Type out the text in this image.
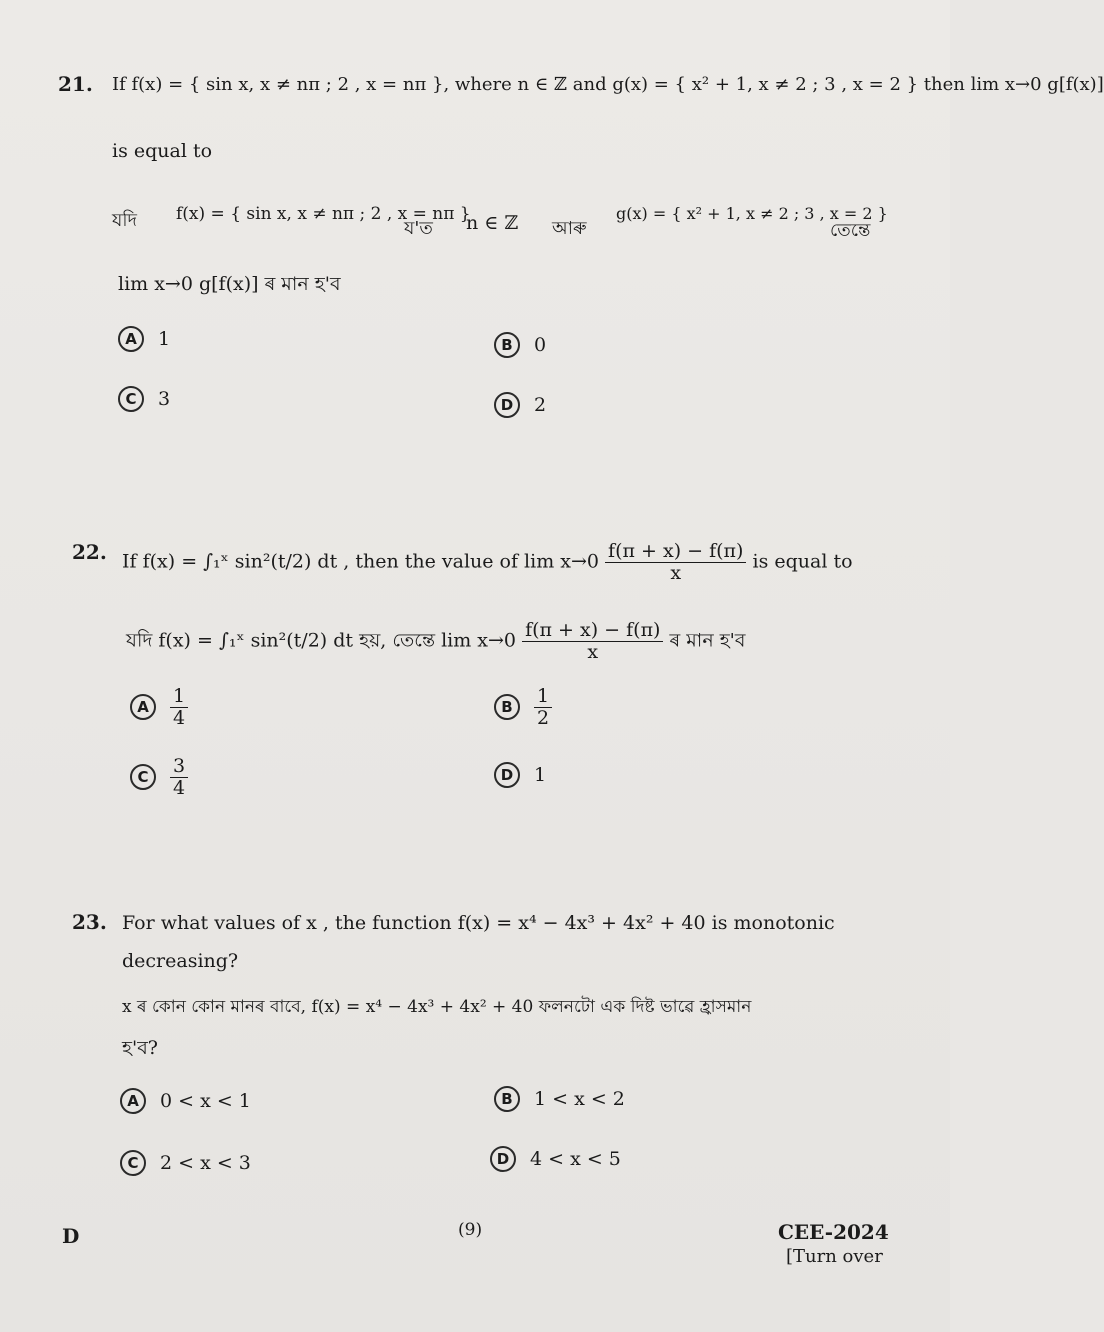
21. If f(x) = { sin x, x ≠ nπ ; 2 , x = nπ }, where n ∈ ℤ and g(x) = { x² + 1, x ≠ 2 ; 3 , x = 2 } then lim x→0 g[f(x)]
is equal to
যদি f(x) = { sin x, x ≠ nπ ; 2 , x = nπ }
য'ত n ∈ ℤ আৰু
g(x) = { x² + 1, x ≠ 2 ; 3 , x = 2 }
তেন্তে
lim x→0 g[f(x)] ৰ মান হ'ব
A	1	B	0
C	3	D	2
22. If f(x) = ∫₁ˣ sin²(t/2) dt , then the value of $\lim x\to 0 \frac{f(\pi + x) - f(\pi)}{x}$ is equal to
যদি f(x) = ∫₁ˣ sin²(t/2) dt হয়, তেন্তে $\lim x\to 0 \frac{f(\pi + x) - f(\pi)}{x}$ ৰ মান হ'ব
A	$\frac{1}{4}$	B	$\frac{1}{2}$
C	$\frac{3}{4}$	D	1
23. For what values of x , the function f(x) = x⁴ − 4x³ + 4x² + 40 is monotonic
decreasing?
x ৰ কোন কোন মানৰ বাবে, f(x) = x⁴ − 4x³ + 4x² + 40 ফলনটো এক দিষ্ট ভাৱে হ্ৰাসমান
হ'ব?
A	0 < x < 1	B	1 < x < 2
C	2 < x < 3	D	4 < x < 5
D	(9)	CEE-2024
[Turn over
